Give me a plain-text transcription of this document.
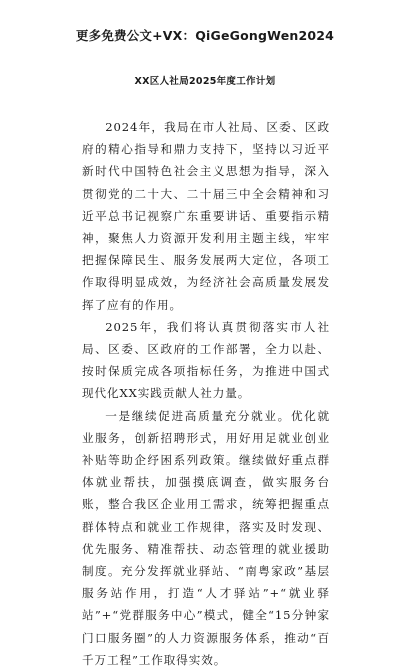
更多免费公文+VX：QiGeGongWen2024
XX区人社局2025年度工作计划

2024年，我局在市人社局、区委、区政府的精心指导和鼎力支持下，坚持以习近平新时代中国特色社会主义思想为指导，深入贯彻党的二十大、二十届三中全会精神和习近平总书记视察广东重要讲话、重要指示精神，聚焦人力资源开发利用主题主线，牢牢把握保障民生、服务发展两大定位，各项工作取得明显成效，为经济社会高质量发展发挥了应有的作用。

2025年，我们将认真贯彻落实市人社局、区委、区政府的工作部署，全力以赴、按时保质完成各项指标任务，为推进中国式现代化XX实践贡献人社力量。

一是继续促进高质量充分就业。优化就业服务，创新招聘形式，用好用足就业创业补贴等助企纾困系列政策。继续做好重点群体就业帮扶，加强摸底调查，做实服务台账，整合我区企业用工需求，统筹把握重点群体特点和就业工作规律，落实及时发现、优先服务、精准帮扶、动态管理的就业援助制度。充分发挥就业驿站、“南粤家政”基层服务站作用，打造“人才驿站”+“就业驿站”+“党群服务中心”模式，健全“15分钟家门口服务圈”的人力资源服务体系，推动“百千万工程”工作取得实效。
